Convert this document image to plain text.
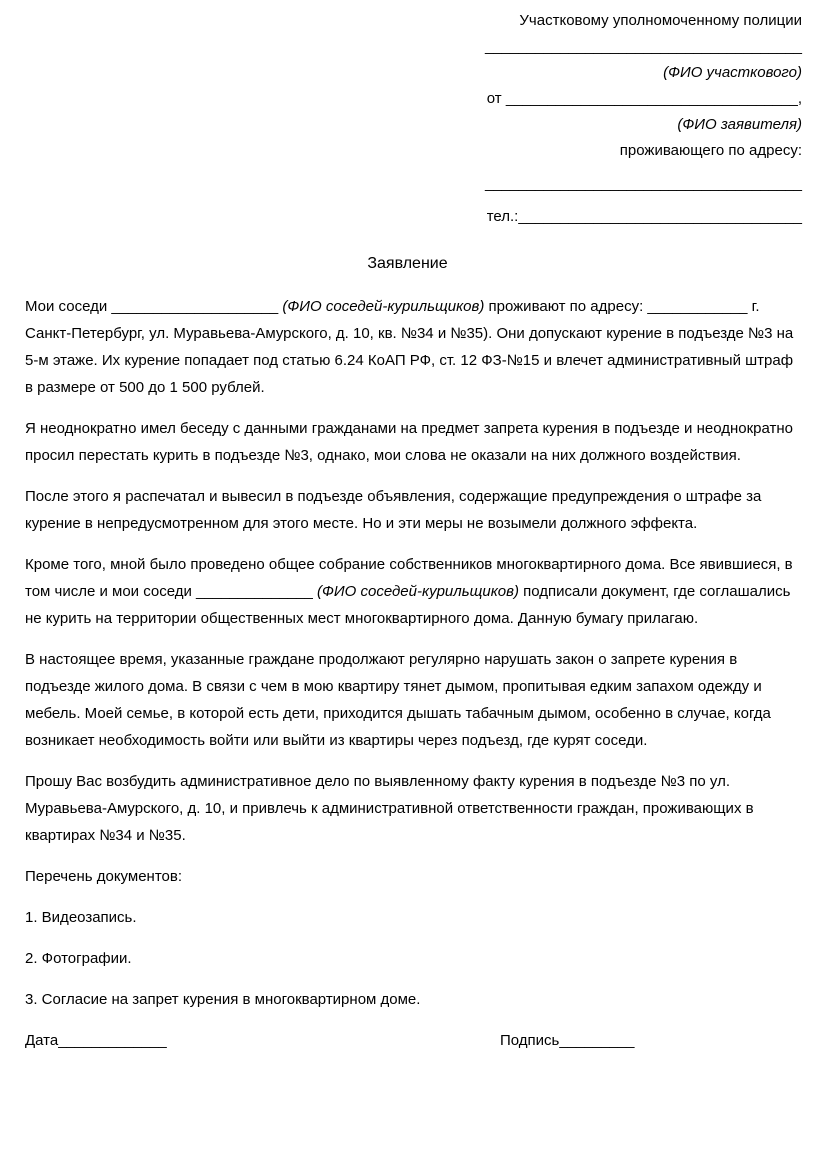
Участковому уполномоченному полиции
______________________________________
(ФИО участкового)
от ___________________________________,
(ФИО заявителя)
проживающего по адресу:
______________________________________
тел.:__________________________________
Заявление

Мои соседи ____________________ (ФИО соседей-курильщиков) проживают по адресу: ____________ г. Санкт-Петербург, ул. Муравьева-Амурского, д. 10, кв. №34 и №35). Они допускают курение в подъезде №3 на 5-м этаже. Их курение попадает под статью 6.24 КоАП РФ, ст. 12 ФЗ-№15 и влечет административный штраф в размере от 500 до 1 500 рублей.

Я неоднократно имел беседу с данными гражданами на предмет запрета курения в подъезде и неоднократно просил перестать курить в подъезде №3, однако, мои слова не оказали на них должного воздействия.

После этого я распечатал и вывесил в подъезде объявления, содержащие предупреждения о штрафе за курение в непредусмотренном для этого месте. Но и эти меры не возымели должного эффекта.

Кроме того, мной было проведено общее собрание собственников многоквартирного дома. Все явившиеся, в том числе и мои соседи ______________ (ФИО соседей-курильщиков) подписали документ, где соглашались не курить на территории общественных мест многоквартирного дома. Данную бумагу прилагаю.

В настоящее время, указанные граждане продолжают регулярно нарушать закон о запрете курения в подъезде жилого дома. В связи с чем в мою квартиру тянет дымом, пропитывая едким запахом одежду и мебель. Моей семье, в которой есть дети, приходится дышать табачным дымом, особенно в случае, когда возникает необходимость войти или выйти из квартиры через подъезд, где курят соседи.

Прошу Вас возбудить административное дело по выявленному факту курения в подъезде №3 по ул. Муравьева-Амурского, д. 10, и привлечь к административной ответственности граждан, проживающих в квартирах №34 и №35.

Перечень документов:

1. Видеозапись.

2. Фотографии.

3. Согласие на запрет курения в многоквартирном доме.

Дата_____________	Подпись_________
